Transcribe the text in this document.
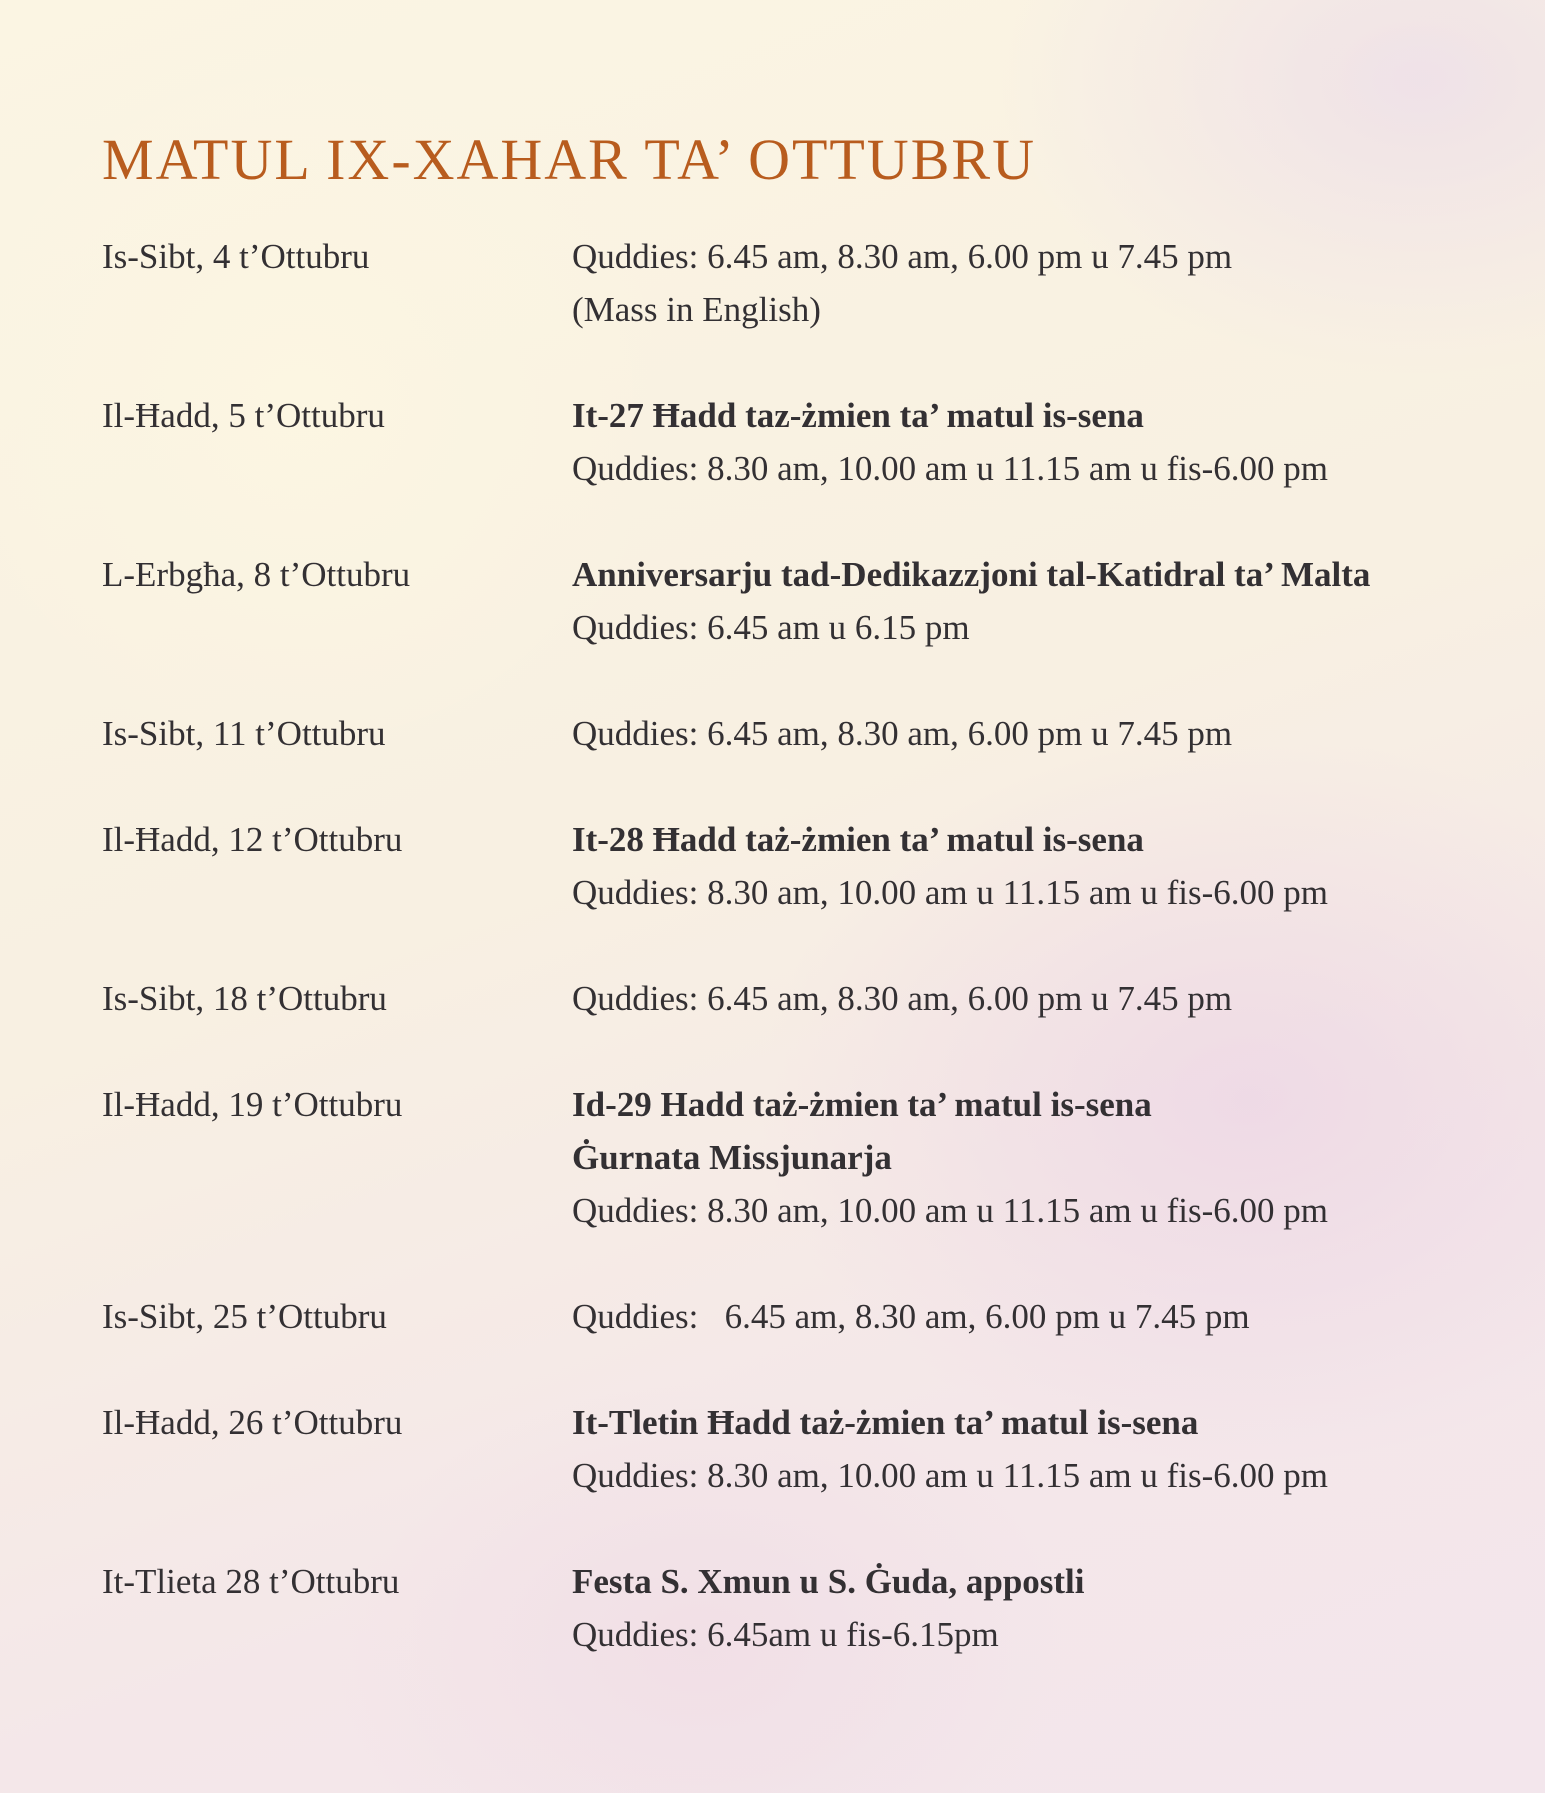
MATUL IX-XAHAR TA’ OTTUBRU
Is-Sibt, 4 t’Ottubru	Quddies: 6.45 am, 8.30 am, 6.00 pm u 7.45 pm
(Mass in English)
Il-Ħadd, 5 t’Ottubru	It-27 Ħadd taz-żmien ta’ matul is-sena
Quddies: 8.30 am, 10.00 am u 11.15 am u fis-6.00 pm
L-Erbgħa, 8 t’Ottubru	Anniversarju tad-Dedikazzjoni tal-Katidral ta’ Malta
Quddies: 6.45 am u 6.15 pm
Is-Sibt, 11 t’Ottubru	Quddies: 6.45 am, 8.30 am, 6.00 pm u 7.45 pm
Il-Ħadd, 12 t’Ottubru	It-28 Ħadd taż-żmien ta’ matul is-sena
Quddies: 8.30 am, 10.00 am u 11.15 am u fis-6.00 pm
Is-Sibt, 18 t’Ottubru	Quddies: 6.45 am, 8.30 am, 6.00 pm u 7.45 pm
Il-Ħadd, 19 t’Ottubru	Id-29 Hadd taż-żmien ta’ matul is-sena
Ġurnata Missjunarja
Quddies: 8.30 am, 10.00 am u 11.15 am u fis-6.00 pm
Is-Sibt, 25 t’Ottubru	Quddies:   6.45 am, 8.30 am, 6.00 pm u 7.45 pm
Il-Ħadd, 26 t’Ottubru	It-Tletin Ħadd taż-żmien ta’ matul is-sena
Quddies: 8.30 am, 10.00 am u 11.15 am u fis-6.00 pm
It-Tlieta 28 t’Ottubru	Festa S. Xmun u S. Ġuda, appostli
Quddies: 6.45am u fis-6.15pm
